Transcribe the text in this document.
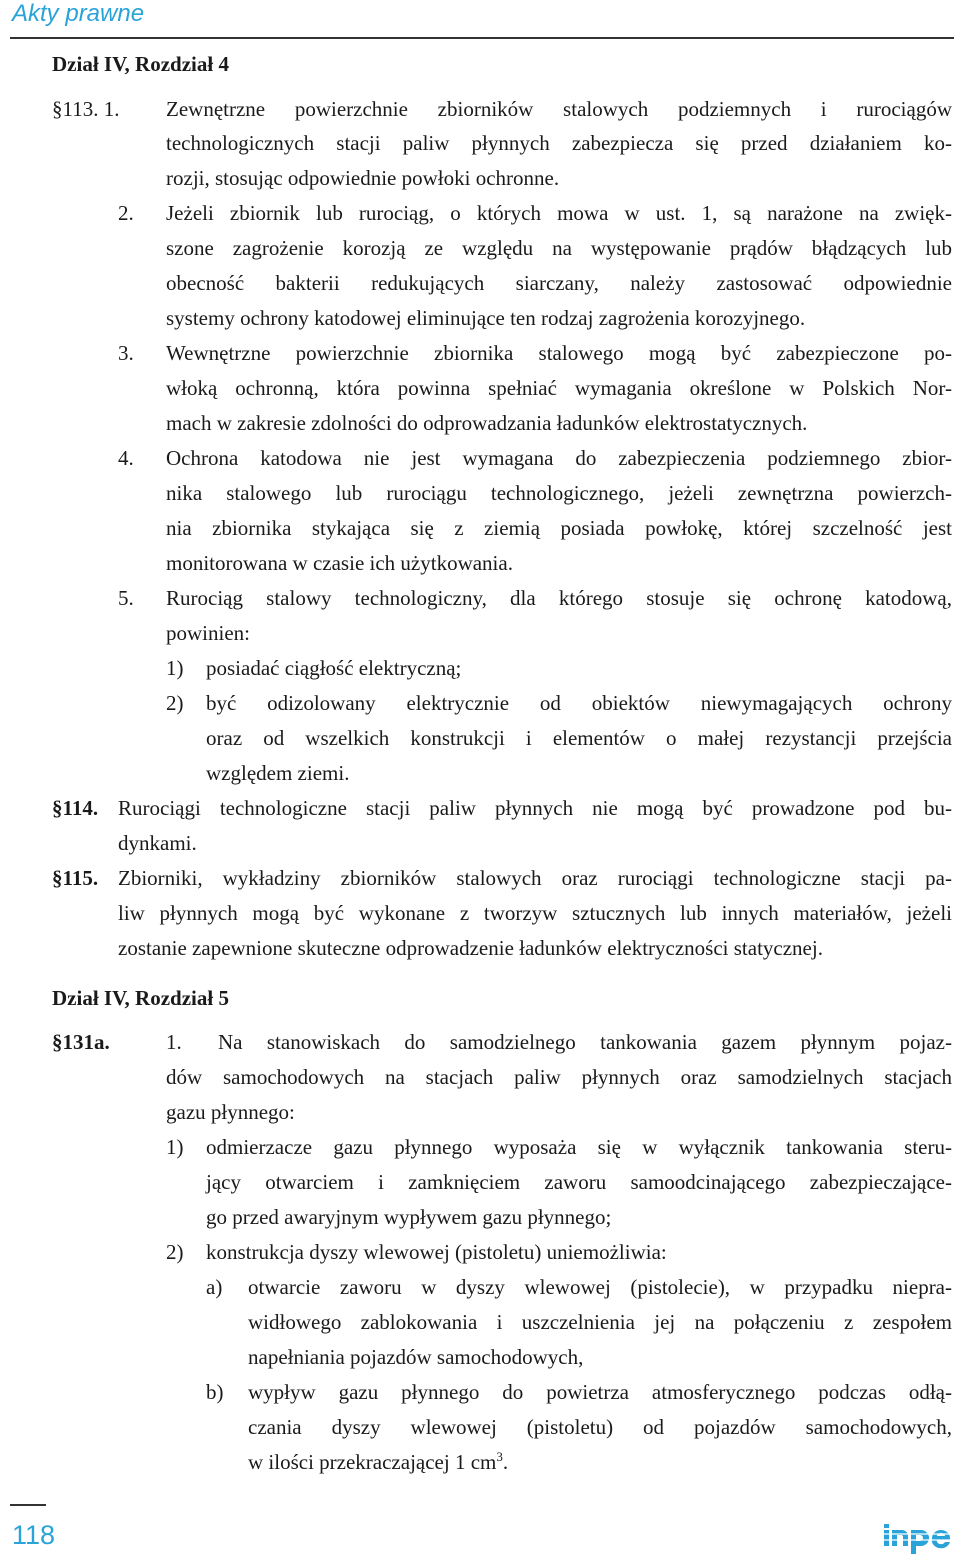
Akty prawne
Dział IV, Rozdział 4
§113. 1. Zewnętrzne powierzchnie zbiorników stalowych podziemnych i rurociągów
technologicznych stacji paliw płynnych zabezpiecza się przed działaniem ko-
rozji, stosując odpowiednie powłoki ochronne.
2. Jeżeli zbiornik lub rurociąg, o których mowa w ust. 1, są narażone na zwięk-
szone zagrożenie korozją ze względu na występowanie prądów błądzących lub
obecność bakterii redukujących siarczany, należy zastosować odpowiednie
systemy ochrony katodowej eliminujące ten rodzaj zagrożenia korozyjnego.
3. Wewnętrzne powierzchnie zbiornika stalowego mogą być zabezpieczone po-
włoką ochronną, która powinna spełniać wymagania określone w Polskich Nor-
mach w zakresie zdolności do odprowadzania ładunków elektrostatycznych.
4. Ochrona katodowa nie jest wymagana do zabezpieczenia podziemnego zbior-
nika stalowego lub rurociągu technologicznego, jeżeli zewnętrzna powierzch-
nia zbiornika stykająca się z ziemią posiada powłokę, której szczelność jest
monitorowana w czasie ich użytkowania.
5. Rurociąg stalowy technologiczny, dla którego stosuje się ochronę katodową,
powinien:
1) posiadać ciągłość elektryczną;
2) być odizolowany elektrycznie od obiektów niewymagających ochrony
oraz od wszelkich konstrukcji i elementów o małej rezystancji przejścia
względem ziemi.
§114. Rurociągi technologiczne stacji paliw płynnych nie mogą być prowadzone pod bu-
dynkami.
§115. Zbiorniki, wykładziny zbiorników stalowych oraz rurociągi technologiczne stacji pa-
liw płynnych mogą być wykonane z tworzyw sztucznych lub innych materiałów, jeżeli
zostanie zapewnione skuteczne odprowadzenie ładunków elektryczności statycznej.
Dział IV, Rozdział 5
§131a.	1. Na stanowiskach do samodzielnego tankowania gazem płynnym pojaz-
dów samochodowych na stacjach paliw płynnych oraz samodzielnych stacjach
gazu płynnego:
1) odmierzacze gazu płynnego wyposaża się w wyłącznik tankowania steru-
jący otwarciem i zamknięciem zaworu samoodcinającego zabezpieczające-
go przed awaryjnym wypływem gazu płynnego;
2) konstrukcja dyszy wlewowej (pistoletu) uniemożliwia:
a) otwarcie zaworu w dyszy wlewowej (pistolecie), w przypadku niepra-
widłowego zablokowania i uszczelnienia jej na połączeniu z zespołem
napełniania pojazdów samochodowych,
b) wypływ gazu płynnego do powietrza atmosferycznego podczas odłą-
czania dyszy wlewowej (pistoletu) od pojazdów samochodowych,
w ilości przekraczającej 1 $cm^3$.
118	inpe
